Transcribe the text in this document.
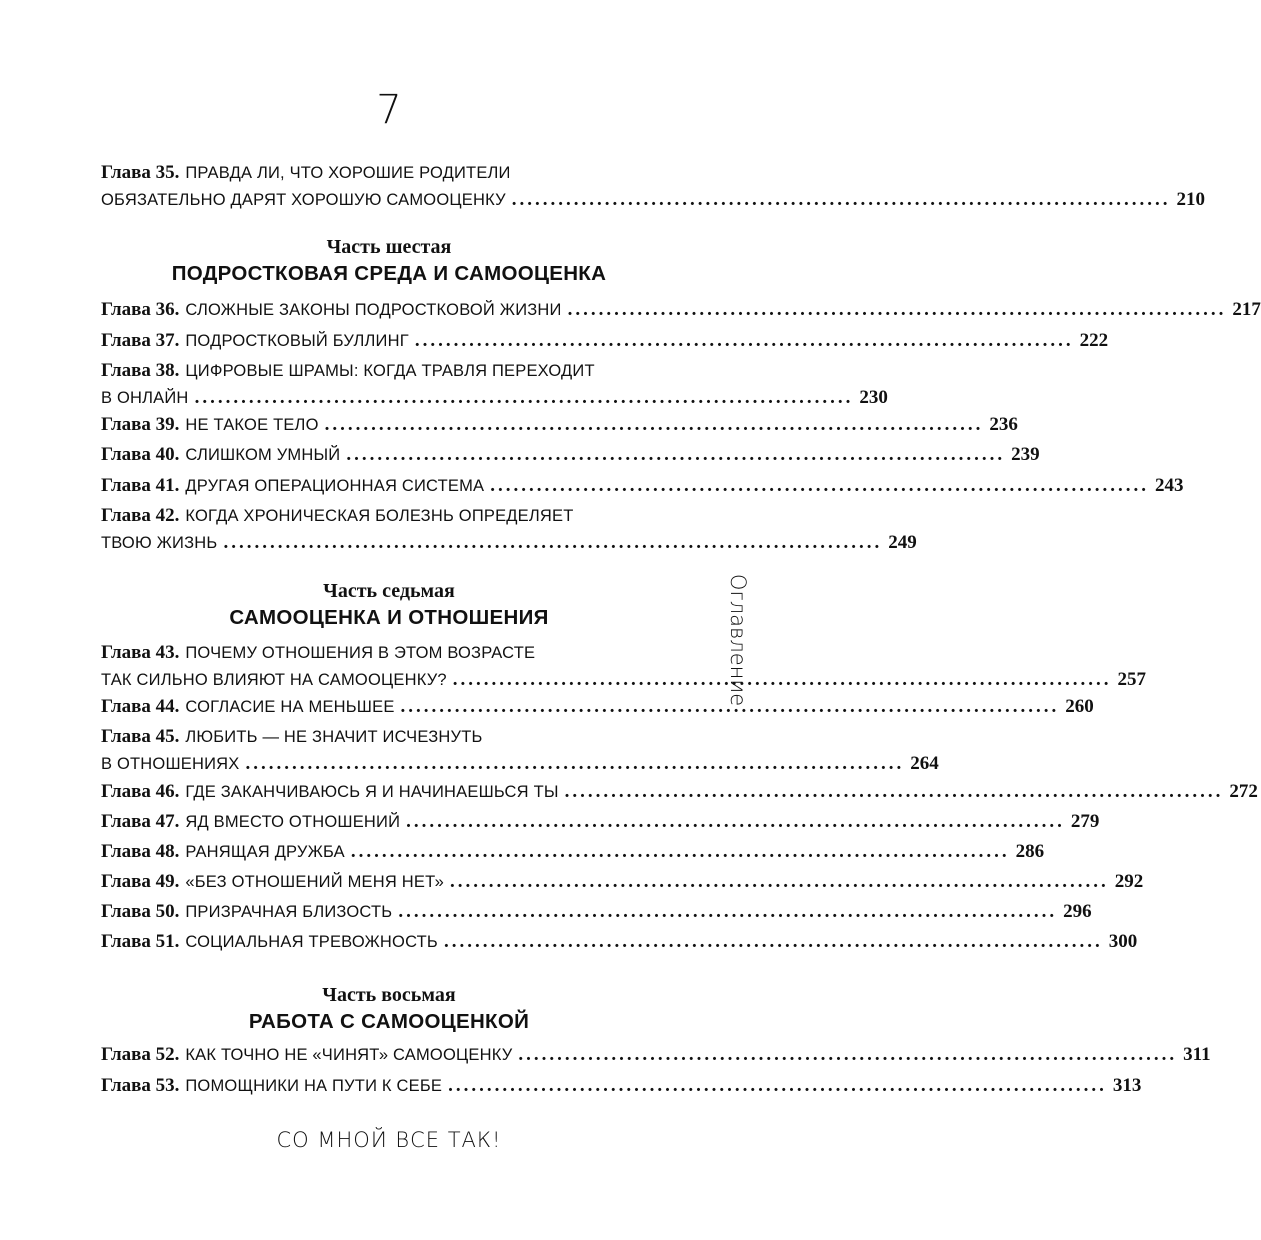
7
Глава 35. ПРАВДА ЛИ, ЧТО ХОРОШИЕ РОДИТЕЛИ
ОБЯЗАТЕЛЬНО ДАРЯТ ХОРОШУЮ САМООЦЕНКУ ..................................................................................... 210
Часть шестая
ПОДРОСТКОВАЯ СРЕДА И САМООЦЕНКА
Глава 36. СЛОЖНЫЕ ЗАКОНЫ ПОДРОСТКОВОЙ ЖИЗНИ ..................................................................................... 217
Глава 37. ПОДРОСТКОВЫЙ БУЛЛИНГ ..................................................................................... 222
Глава 38. ЦИФРОВЫЕ ШРАМЫ: КОГДА ТРАВЛЯ ПЕРЕХОДИТ
В ОНЛАЙН ..................................................................................... 230
Глава 39. НЕ ТАКОЕ ТЕЛО ..................................................................................... 236
Глава 40. СЛИШКОМ УМНЫЙ ..................................................................................... 239
Глава 41. ДРУГАЯ ОПЕРАЦИОННАЯ СИСТЕМА ..................................................................................... 243
Глава 42. КОГДА ХРОНИЧЕСКАЯ БОЛЕЗНЬ ОПРЕДЕЛЯЕТ
ТВОЮ ЖИЗНЬ ..................................................................................... 249
Часть седьмая
САМООЦЕНКА И ОТНОШЕНИЯ
Глава 43. ПОЧЕМУ ОТНОШЕНИЯ В ЭТОМ ВОЗРАСТЕ
ТАК СИЛЬНО ВЛИЯЮТ НА САМООЦЕНКУ? ..................................................................................... 257
Глава 44. СОГЛАСИЕ НА МЕНЬШЕЕ ..................................................................................... 260
Глава 45. ЛЮБИТЬ — НЕ ЗНАЧИТ ИСЧЕЗНУТЬ
В ОТНОШЕНИЯХ ..................................................................................... 264
Глава 46. ГДЕ ЗАКАНЧИВАЮСЬ Я И НАЧИНАЕШЬСЯ ТЫ ..................................................................................... 272
Глава 47. ЯД ВМЕСТО ОТНОШЕНИЙ ..................................................................................... 279
Глава 48. РАНЯЩАЯ ДРУЖБА ..................................................................................... 286
Глава 49. «БЕЗ ОТНОШЕНИЙ МЕНЯ НЕТ» ..................................................................................... 292
Глава 50. ПРИЗРАЧНАЯ БЛИЗОСТЬ ..................................................................................... 296
Глава 51. СОЦИАЛЬНАЯ ТРЕВОЖНОСТЬ ..................................................................................... 300
Часть восьмая
РАБОТА С САМООЦЕНКОЙ
Глава 52. КАК ТОЧНО НЕ «ЧИНЯТ» САМООЦЕНКУ ..................................................................................... 311
Глава 53. ПОМОЩНИКИ НА ПУТИ К СЕБЕ ..................................................................................... 313
Оглавление
СО МНОЙ ВСЕ ТАК!
